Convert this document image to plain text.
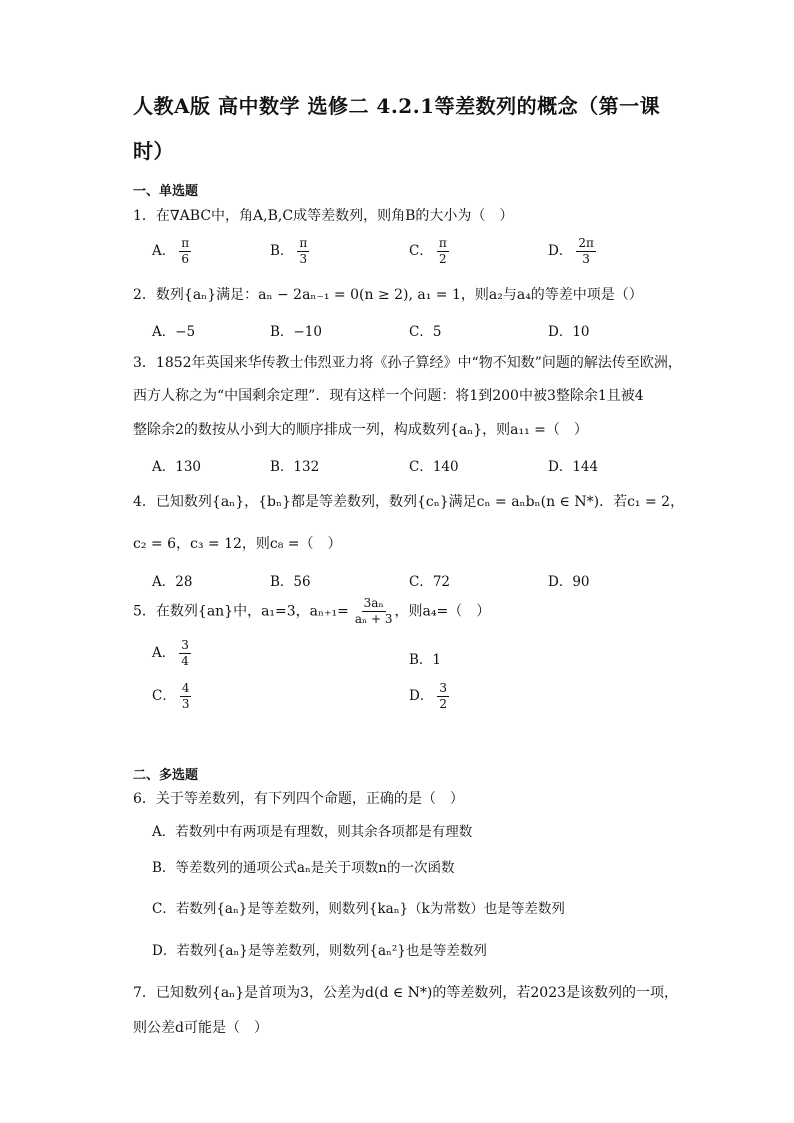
人教A版 高中数学 选修二 4.2.1等差数列的概念（第一课时）
一、单选题
1．在∇ABC中，角A,B,C成等差数列，则角B的大小为（　）
A． $\frac{\pi}{6}$	B． $\frac{\pi}{3}$	C． $\frac{\pi}{2}$	D． $\frac{2\pi}{3}$
2．数列{aₙ}满足：aₙ − 2aₙ₋₁ = 0(n ≥ 2), a₁ = 1，则a₂与a₄的等差中项是（）
A．−5	B．−10	C．5	D．10
3．1852年英国来华传教士伟烈亚力将《孙子算经》中“物不知数”问题的解法传至欧洲，
西方人称之为“中国剩余定理”．现有这样一个问题：将1到200中被3整除余1且被4
整除余2的数按从小到大的顺序排成一列，构成数列{aₙ}，则a₁₁ =（　）
A．130	B．132	C．140	D．144
4．已知数列{aₙ}，{bₙ}都是等差数列，数列{cₙ}满足cₙ = aₙbₙ(n ∈ N*)．若c₁ = 2，
c₂ = 6，c₃ = 12，则c₈ =（　）
A．28	B．56	C．72	D．90
5．在数列{an}中，a₁=3，$a_{n+1}= \frac{\text{3aₙ}}{\text{aₙ + 3}}$ ，则a₄=（　）
A． $\frac{3}{4}$	B．1
C． $\frac{4}{3}$	D． $\frac{3}{2}$
二、多选题
6．关于等差数列，有下列四个命题，正确的是（　）
A．若数列中有两项是有理数，则其余各项都是有理数
B．等差数列的通项公式aₙ是关于项数n的一次函数
C．若数列{aₙ}是等差数列，则数列{kaₙ}（k为常数）也是等差数列
D．若数列{aₙ}是等差数列，则数列{aₙ²}也是等差数列
7．已知数列{aₙ}是首项为3，公差为d(d ∈ N*)的等差数列，若2023是该数列的一项，
则公差d可能是（　）
